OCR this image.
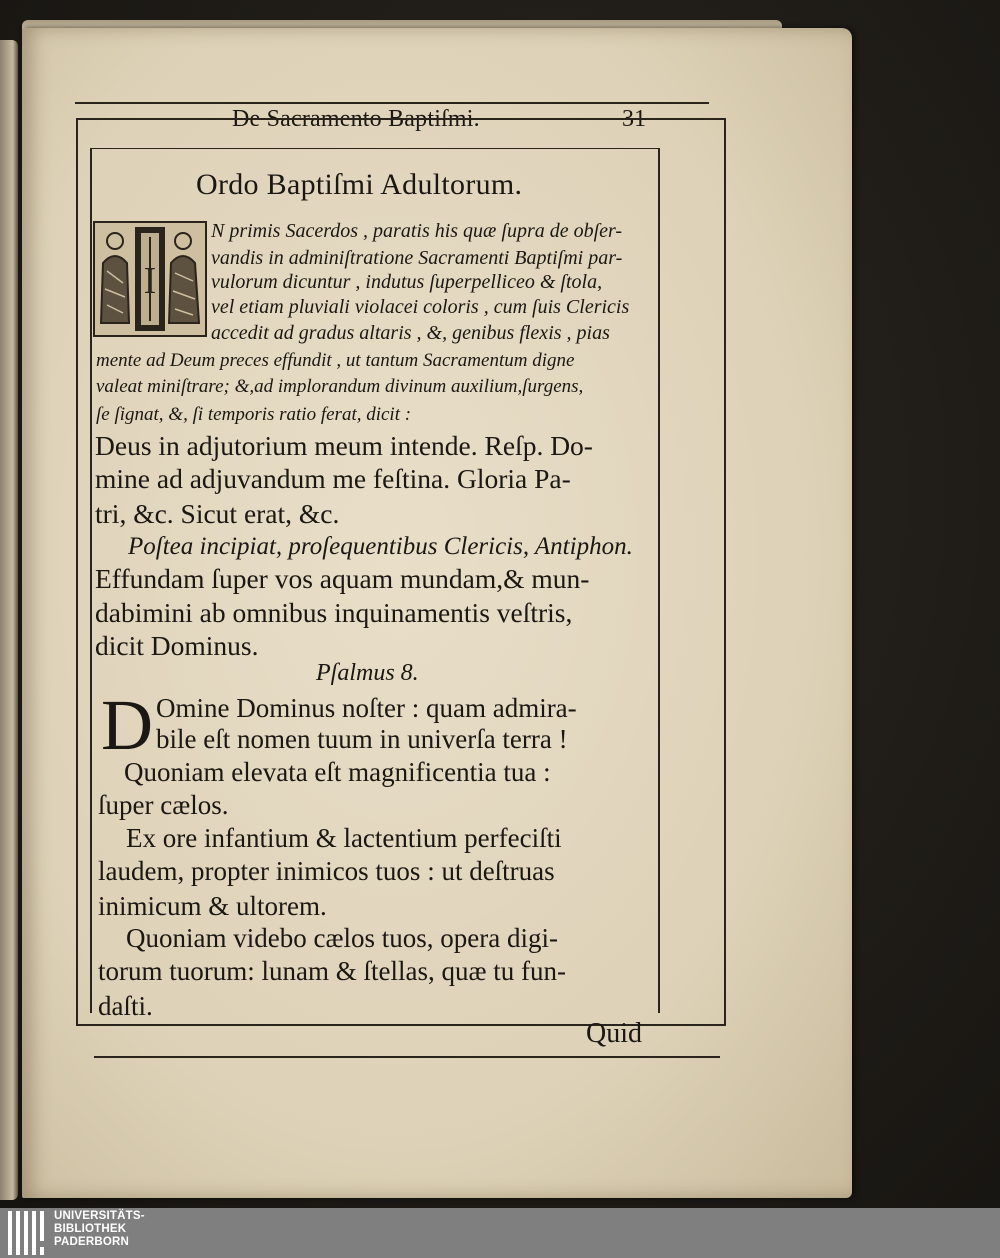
De Sacramento Baptiſmi.	31
Ordo Baptiſmi Adultorum.
I
N primis Sacerdos , paratis his quæ ſupra de obſer-
vandis in adminiſtratione Sacramenti Baptiſmi par-
vulorum dicuntur , indutus ſuperpelliceo & ſtola,
vel etiam pluviali violacei coloris , cum ſuis Clericis
accedit ad gradus altaris , &, genibus flexis , pias
mente ad Deum preces effundit , ut tantum Sacramentum digne
valeat miniſtrare; &,ad implorandum divinum auxilium,ſurgens,
ſe ſignat, &, ſi temporis ratio ferat, dicit :
Deus in adjutorium meum intende. Reſp. Do-
mine ad adjuvandum me feſtina. Gloria Pa-
tri, &c. Sicut erat, &c.
Poſtea incipiat, proſequentibus Clericis, Antiphon.
Effundam ſuper vos aquam mundam,& mun-
dabimini ab omnibus inquinamentis veſtris,
dicit Dominus.
Pſalmus 8.
D Omine Dominus noſter : quam admira-
bile eſt nomen tuum in univerſa terra !
Quoniam elevata eſt magnificentia tua :
ſuper cælos.
Ex ore infantium & lactentium perfeciſti
laudem, propter inimicos tuos : ut deſtruas
inimicum & ultorem.
Quoniam videbo cælos tuos, opera digi-
torum tuorum: lunam & ſtellas, quæ tu fun-
daſti.
Quid
UNIVERSITÄTS-
BIBLIOTHEK
PADERBORN
